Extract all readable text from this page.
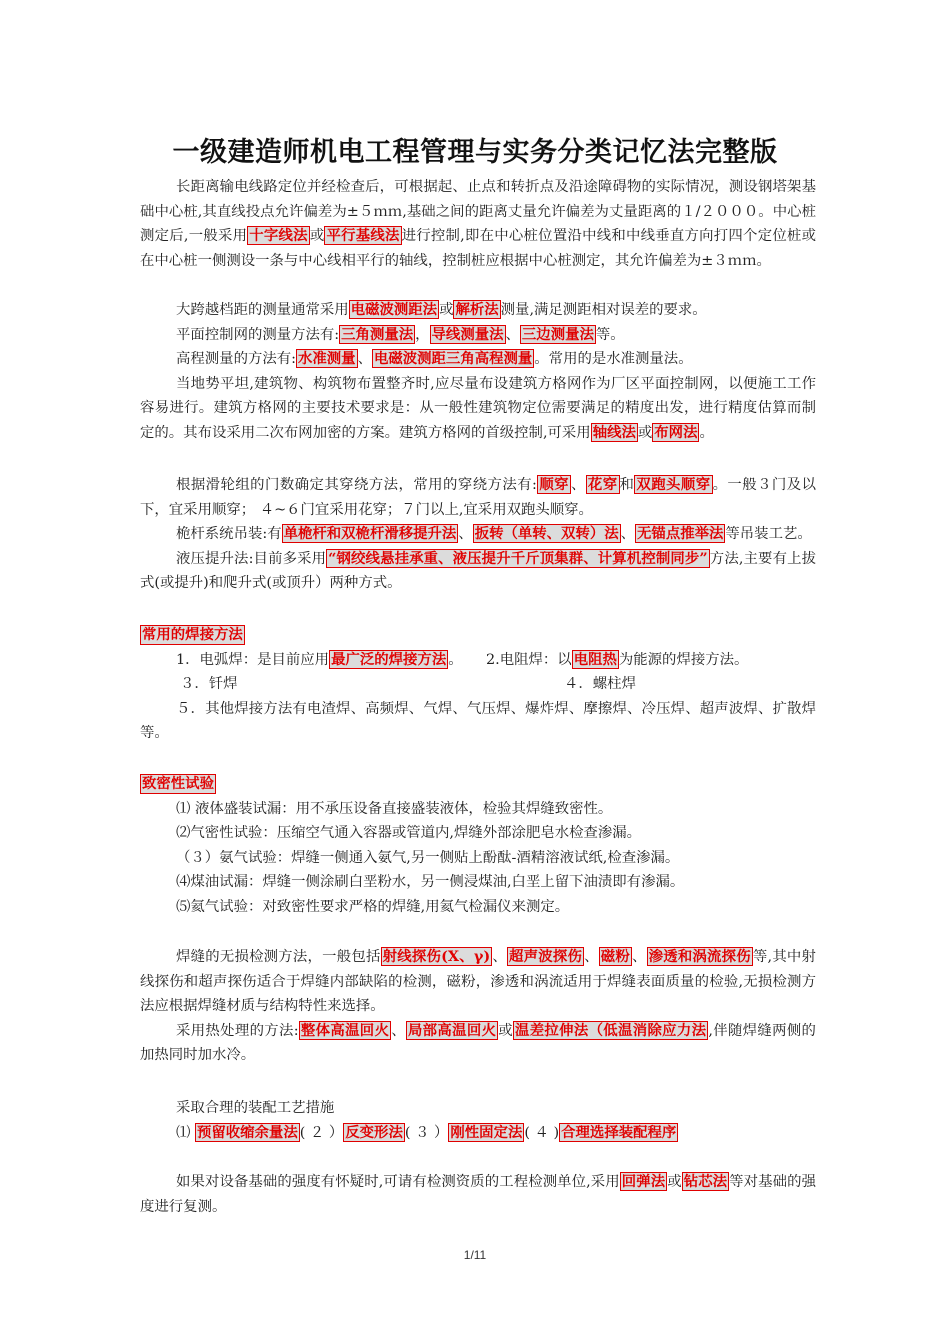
一级建造师机电工程管理与实务分类记忆法完整版

长距离输电线路定位并经检查后，可根据起、止点和转折点及沿途障碍物的实际情况，测设钢塔架基础中心桩,其直线投点允许偏差为±５ｍｍ,基础之间的距离丈量允许偏差为丈量距离的１/２０００。中心桩测定后,一般采用 十字线法 或 平行基线法 进行控制,即在中心桩位置沿中线和中线垂直方向打四个定位桩或在中心桩一侧测设一条与中心线相平行的轴线，控制桩应根据中心桩测定，其允许偏差为±３ｍｍ。

大跨越档距的测量通常采用 电磁波测距法 或 解析法 测量,满足测距相对误差的要求。

平面控制网的测量方法有: 三角测量法 ， 导线测量法 、 三边测量法 等。

高程测量的方法有: 水准测量 、 电磁波测距三角高程测量 。常用的是水准测量法。

当地势平坦,建筑物、构筑物布置整齐时,应尽量布设建筑方格网作为厂区平面控制网，以便施工工作容易进行。建筑方格网的主要技术要求是：从一般性建筑物定位需要满足的精度出发，进行精度估算而制定的。其布设采用二次布网加密的方案。建筑方格网的首级控制,可采用 轴线法 或 布网法 。

根据滑轮组的门数确定其穿绕方法，常用的穿绕方法有: 顺穿 、 花穿 和 双跑头顺穿 。一般３门及以下，宜采用顺穿； ４~６门宜采用花穿；７门以上,宜采用双跑头顺穿。

桅杆系统吊装:有 单桅杆和双桅杆滑移提升法 、 扳转（单转、双转）法 、 无锚点推举法 等吊装工艺。

液压提升法:目前多采用 “钢绞线悬挂承重、液压提升千斤顶集群、计算机控制同步” 方法,主要有上拔式(或提升)和爬升式(或顶升）两种方式。

常用的焊接方法
1．电弧焊：是目前应用 最广泛的焊接方法 。 2.电阻焊：以 电阻热 为能源的焊接方法。
３．钎焊	４．螺柱焊

５．其他焊接方法有电渣焊、高频焊、气焊、气压焊、爆炸焊、摩擦焊、冷压焊、超声波焊、扩散焊等。

致密性试验

⑴ 液体盛装试漏：用不承压设备直接盛装液体，检验其焊缝致密性。

⑵气密性试验：压缩空气通入容器或管道内,焊缝外部涂肥皂水检查渗漏。

（３）氨气试验：焊缝一侧通入氨气,另一侧贴上酚酞-酒精溶液试纸,检查渗漏。

⑷煤油试漏：焊缝一侧涂刷白垩粉水，另一侧浸煤油,白垩上留下油渍即有渗漏。

⑸氦气试验：对致密性要求严格的焊缝,用氦气检漏仪来测定。

焊缝的无损检测方法，一般包括 射线探伤(X、γ) 、 超声波探伤 、 磁粉 、 渗透和涡流探伤 等,其中射线探伤和超声探伤适合于焊缝内部缺陷的检测，磁粉，渗透和涡流适用于焊缝表面质量的检验,无损检测方法应根据焊缝材质与结构特性来选择。

采用热处理的方法: 整体高温回火 、 局部高温回火 或 温差拉伸法（低温消除应力法 ,伴随焊缝两侧的加热同时加水冷。

采取合理的装配工艺措施

⑴ 预留收缩余量法 ( ２ ） 反变形法 ( ３ ） 刚性固定法 ( ４ ) 合理选择装配程序

如果对设备基础的强度有怀疑时,可请有检测资质的工程检测单位,采用 回弹法 或 钻芯法 等对基础的强度进行复测。

1/11
